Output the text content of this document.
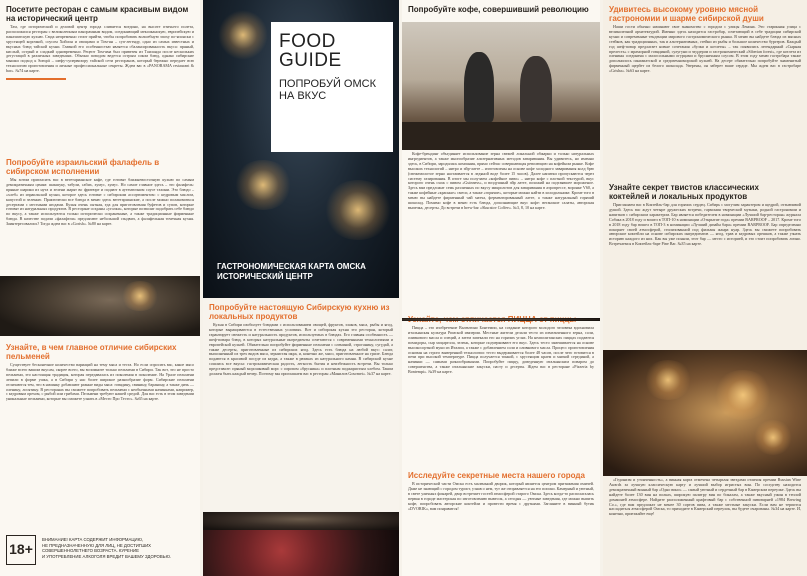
Посетите ресторан с самым красивым видом на исторический центр

Там, где исторический и деловой центр города сливается воедино, на высоте птичьего полета, расположился ресторан с великолепным панорамным видом, соединяющий мексиканскую, европейскую и паназиатскую кухню. Сюда непременно стоит прийти, чтобы попробовать волшебную эпоху по-японски с хрустящей корочкой, соусом Хойсин и овощами и Том-ян – суп-легенду, одно из самых известных и вкусных блюд тайской кухни. Главной его особенностью является сбалансированность вкуса: пряный, кислый, острый и сладкий одновременно. Рецепт Том-яма был привезен из Таиланда после нескольких дегустаций в различных заведениях. Обычно поводом ведется острым соком блюд, однако сибирские мышки подход к Sompit – шефу-супервизору тайской сети ресторанов, который бережно передает всю технологию приготовления и личные профессиональные секреты. Ждем вас в «PANORAMA restaurant & bar». №74 на карте.

Попробуйте израильский фалафель в сибирском исполнении

Мы хотим пригласить вас в вегетарианское кафе, где готовят ближневосточную кухню по самым демократичным ценам: шакшуку, табули, сабих, хумус, хумус. Но самое главное здесь – это фалафель: пряные шарики из нута и зелени жарят во фритюре и подают в аутентичном соусе тахини. Это блюдо – «хлеб» из израильской кухни, которое здесь готовят с сибирским ассортиментом: с кедровым маслом, капустой и зеленью. Практически все блюда в меню здесь вегетарианские, а после можно полакомиться десертами с местными ягодами. Кухня очень сытная, еда для приготовления буфетов и супов, которые готовят из натуральных продуктов. В ресторане созданы «уголки», которые позволят подобрать себе блюдо по вкусу, а также используются только исторически сохраненные, а также традиционные фирменные блюда. В качестве подачи «фалафели» предлагают небольшой сэндвич, а фалафельная точечная кухня. Заинтересовались? Тогда ждем вас в «Gorish». №80 на карте.

Узнайте, в чем главное отличие сибирских пельменей

Существует бесконечное количество вариаций на тему мяса и теста. Но если спросить вас, какое мясо ближе всего вашим вкусам, скорее всего, вы вспомните только пельмени в Сибири. Так вот, это не просто пельмени, это настоящая традиция, которая передавалась из поколения в поколение. На Урале пельмени лепили в форме ушка, а в Сибири у нас более широкое разнообразие форм. Сибирские пельмени отличаются тем, что в начинку добавляют разные виды мяса: говядину, свинину, баранину, а также дичь — оленину, лосятину. В ресторанах вы сможете попробовать пельмени с необычными начинками, например, с кедровым орехом, с рыбой или грибами. Пельмени требуют нашей средой. Для вас есть в этом заведении уникальные пельмени, которые вы сможете узнать в «Место Про Тесто». №65 на карте.

18+
ВНИМАНИЕ! КАРТА СОДЕРЖИТ ИНФОРМАЦИЮ,
НЕ ПРЕДНАЗНАЧЕННУЮ ДЛЯ ЛИЦ, НЕ ДОСТИГШИХ
СОВЕРШЕННОЛЕТНЕГО ВОЗРАСТА. КУРЕНИЕ
И УПОТРЕБЛЕНИЕ АЛКОГОЛЯ ВРЕДИТ ВАШЕМУ ЗДОРОВЬЮ.
FOOD GUIDE
ПОПРОБУЙ ОМСК НА ВКУС
ГАСТРОНОМИЧЕСКАЯ КАРТА ОМСКА ИСТОРИЧЕСКИЙ ЦЕНТР
Попробуйте настоящую Сибирскую кухню из локальных продуктов

Кухня в Сибири изобилует блюдами с использованием овощей, фруктов, злаков, мяса, рыбы и ягод, которые выращиваются в естественных условиях. Вот и сибирская кухня это ресторан, который гарантирует свежесть и натуральность продуктов, используемых в блюдах. Его главная особенность — шеф-повара блюд, в которых натуральные ингредиенты сочетаются с современными технологиями и европейской кухней. Обязательно попробуйте фирменные пельмени с олениной, строганину, сугудай, а также десерты, приготовленные из сибирских ягод. Здесь есть блюда на любой вкус: салат, выполненный из трех видов мяса, зернистая икра, и, конечно же, мясо, приготовленное на гриле. Блюда подаются в красивой посуде из кедра, а также в рюмках из натурального камня. В сибирской кухне сошлись все вкусы: гастрономическая радость, легкость бытия и неизбежность встречи. Вы только представьте: пряный морошковый морс с сиропом «брусника» и плотным поджаристым хлебом. Таким должен быть каждый вечер. Поэтому мы приглашаем вас в ресторан «Манилов Gourmet». №37 на карте.

Попробуйте кофе, совершивший революцию

Кофе-брендинг объединяет использование зерна свежей локальной обжарки и только натуральных ингредиентов, а также многообразие альтернативных методов заваривания. Вы удивитесь, но именно здесь, в Сибири, зародилась компания, прямо сейчас совершающая революцию на кофейном рынке. Кофе высоких технологий – нитро и эйр-латте – изготовлены на основе кофе холодного заваривания колд брю (свежемолотое зерно настаивается в ледяной воде более 15 часов). Далее напитки пропускаются через систему газирования. В итоге мы получаем «кофейное пиво» – нитро кофе с плотной текстурой, вкус которого очень схож с пивом «Guinness», и воздушный эйр латте, похожий на подтаявшее мороженое. Здесь вам предложат семь различных по вкусу микролотов для заваривания в аэропрессе, воронке V60, а также кофейные «красные» смеси, а также «горячие», которые можно найти в холодильнике. Кроме того в меню вы найдете фирменный чай матча, ферментированный латте, а также натуральный горячий шоколад. Помимо кофе в меню есть блюда, дополняющие вкус кофе: веганские салаты, авторская выпечка, десерты. До встречи в brew-bar «Skuratov Coffee». №3, 8, 10 на карте.

Пицца – это изобретение Валентино Бонтемпи, на создание которого молодого человека вдохновила итальянская культура Римской империи. Местные жители делали тесто из измельченного зерна, соли, оливкового масла и специй, а затем запекали его на горячих углях. На неаполитанских пиццах подаются помидоры, сыр моцарелла, зелень, которые подчеркивают его вкус. Здесь тесто замешивается на основе высокосортной муки из Италии, а также с добавлением соли и оливкового масла. Процесс приготовления основан на строго выверенной технологии: тесто выдерживается более 48 часов, после чего готовится в печи при высокой температуре. Пицца получается тонкой, с хрустящим краем и мягкой серединой, а начинки — самыми разнообразными. Попробуйте пиццу, доведенную итальянским поваром до совершенства, а также итальянские закуски, пасту и десерты. Ждем вас в ресторане «Pizzeria by Bontempi». №39 на карте.

Исследуйте секретные места нашего города

В исторической части Омска есть маленький дворик, который является центром притяжения омичей. Даже не знающий с городом турист, узнав о нем, тут же отправляется на его поиски. Камерный и уютный, в свете уличных фонарей, двор встречает гостей атмосферой старого Омска. Здесь когда-то располагалась первая в городе мастерская по изготовлению вывесок, а сегодня — уютные заведения, где можно выпить кофе, попробовать авторские коктейли и провести время с друзьями. Загляните в винный бутик «DVORIK», вам понравится!

Удивитесь высокому уровню мясной гастрономии и шарме сибирской души

Наши гости обычно начинают свое знакомство с городом с улицы Ленина. Это старинная улица с великолепной архитектурой. Именно здесь находится гастробар, сочетающий в себе традиции сибирской кухни и современные тенденции мирового гастрономического рынка. В меню вы найдете блюда из мясных стейков, как традиционных, так и альтернативных, стейки из рыбы и большое количество бургеров. Каждый год шеф-повар предлагает новые сочетания «булки и котлеты» – так появились легендарный «Сырная прелесть» с мраморной говядиной, сулугуни и чеддером и гастрономический «Siberian forest», где котлета из оленины соединена с малосольными огурцами и брусничным соусом. В этом году меню гастробара также дополнилось паназиатской и средиземноморской кухней. На десерт обязательно попробуйте знаменитый фирменный щербет из белого шоколада. Уверены, он заберет ваше сердце. Мы ждем вас в гастробаре «Grisha». №63 на карте.

Узнайте секрет твистов классических коктейлей и локальных продуктов

Приглашаем вас в Коктейль-бар для горячих сердец. Сибирь с могучим характером и щедрой, отзывчивой душой. Здесь вас ждут четыре дружеских встречи, гармония творческой музыки, родной гастрономии и напитков с сибирским характером. Бар является победителем в номинации «Лучший бар-ресторан» журнала Собака в 2018 году и вошел в ТОП-10 в номинации «Открытие года» премии BARPROOF – 2017. Кроме того в 2018 году бар вошел в ТОП-3 в номинации «Лучший дизайн бара» премии BARPROOF. Бар определенно покоряет своей атмосферой, стилизованной под фильмы жанра нуар. Здесь вы сможете попробовать авторские коктейли на основе сибирских ингредиентов — ягод, трав и кедровых орешков, а также узнать историю каждого из них. Как вы уже поняли, этот бар — место с историей, и это стоит попробовать лично. Встречаемся в Коктейль-баре Pine Bar. №35 на карте.

«Гедонизм и утонченность», а винная карта отмечена четырьмя звездами отличия премии Russian Wine Awards за лучшую классическую карту и лучший выбор игристых вин. По соседству находится демократичный винный бар «Одно вино» — самый уютный и сердечный бар в Камерском переулке. Здесь вы найдете более 130 вин на полках, широкую палитру вин по бокалам, а также вкусный ужин в теплой домашней атмосфере. Найдите расположенный крафтовый бар с собственной пивоварней «1984 Brewing Co.», где вам предложат не менее 30 сортов пива, а также местные закуски. Если вам не терпится насладиться атмосферой Омска, то приходите в Камерский переулок, вы будете очарованы. №34 на карте. И, конечно, приезжайте еще!
